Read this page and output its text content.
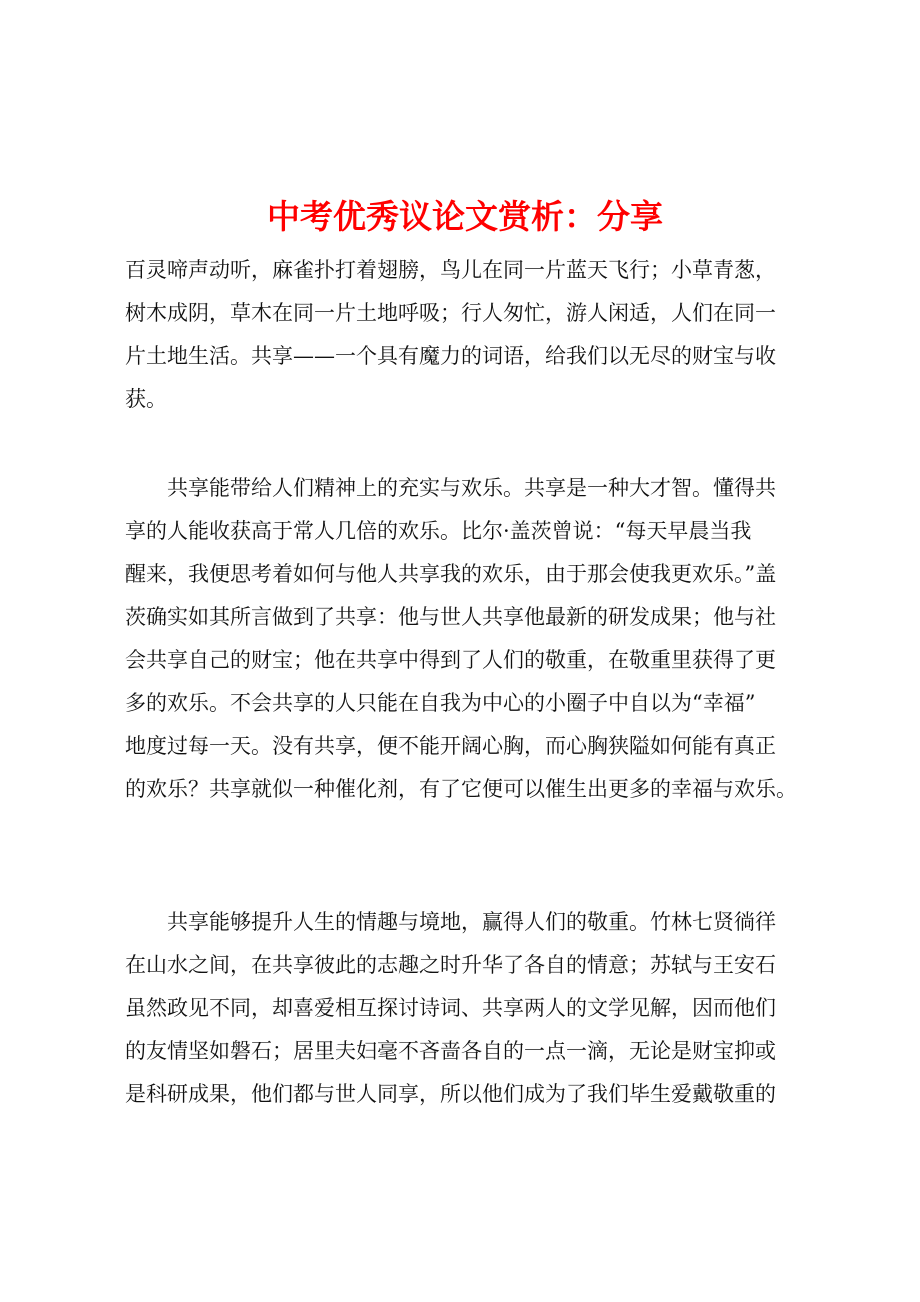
中考优秀议论文赏析：分享
百灵啼声动听，麻雀扑打着翅膀，鸟儿在同一片蓝天飞行；小草青葱，
树木成阴，草木在同一片土地呼吸；行人匆忙，游人闲适，人们在同一
片土地生活。共享——一个具有魔力的词语，给我们以无尽的财宝与收
获。
共享能带给人们精神上的充实与欢乐。共享是一种大才智。懂得共
享的人能收获高于常人几倍的欢乐。比尔·盖茨曾说：“每天早晨当我
醒来，我便思考着如何与他人共享我的欢乐，由于那会使我更欢乐。”盖
茨确实如其所言做到了共享：他与世人共享他最新的研发成果；他与社
会共享自己的财宝；他在共享中得到了人们的敬重，在敬重里获得了更
多的欢乐。不会共享的人只能在自我为中心的小圈子中自以为“幸福”
地度过每一天。没有共享，便不能开阔心胸，而心胸狭隘如何能有真正
的欢乐？共享就似一种催化剂，有了它便可以催生出更多的幸福与欢乐。
共享能够提升人生的情趣与境地，赢得人们的敬重。竹林七贤徜徉
在山水之间，在共享彼此的志趣之时升华了各自的情意；苏轼与王安石
虽然政见不同，却喜爱相互探讨诗词、共享两人的文学见解，因而他们
的友情坚如磐石；居里夫妇毫不吝啬各自的一点一滴，无论是财宝抑或
是科研成果，他们都与世人同享，所以他们成为了我们毕生爱戴敬重的
